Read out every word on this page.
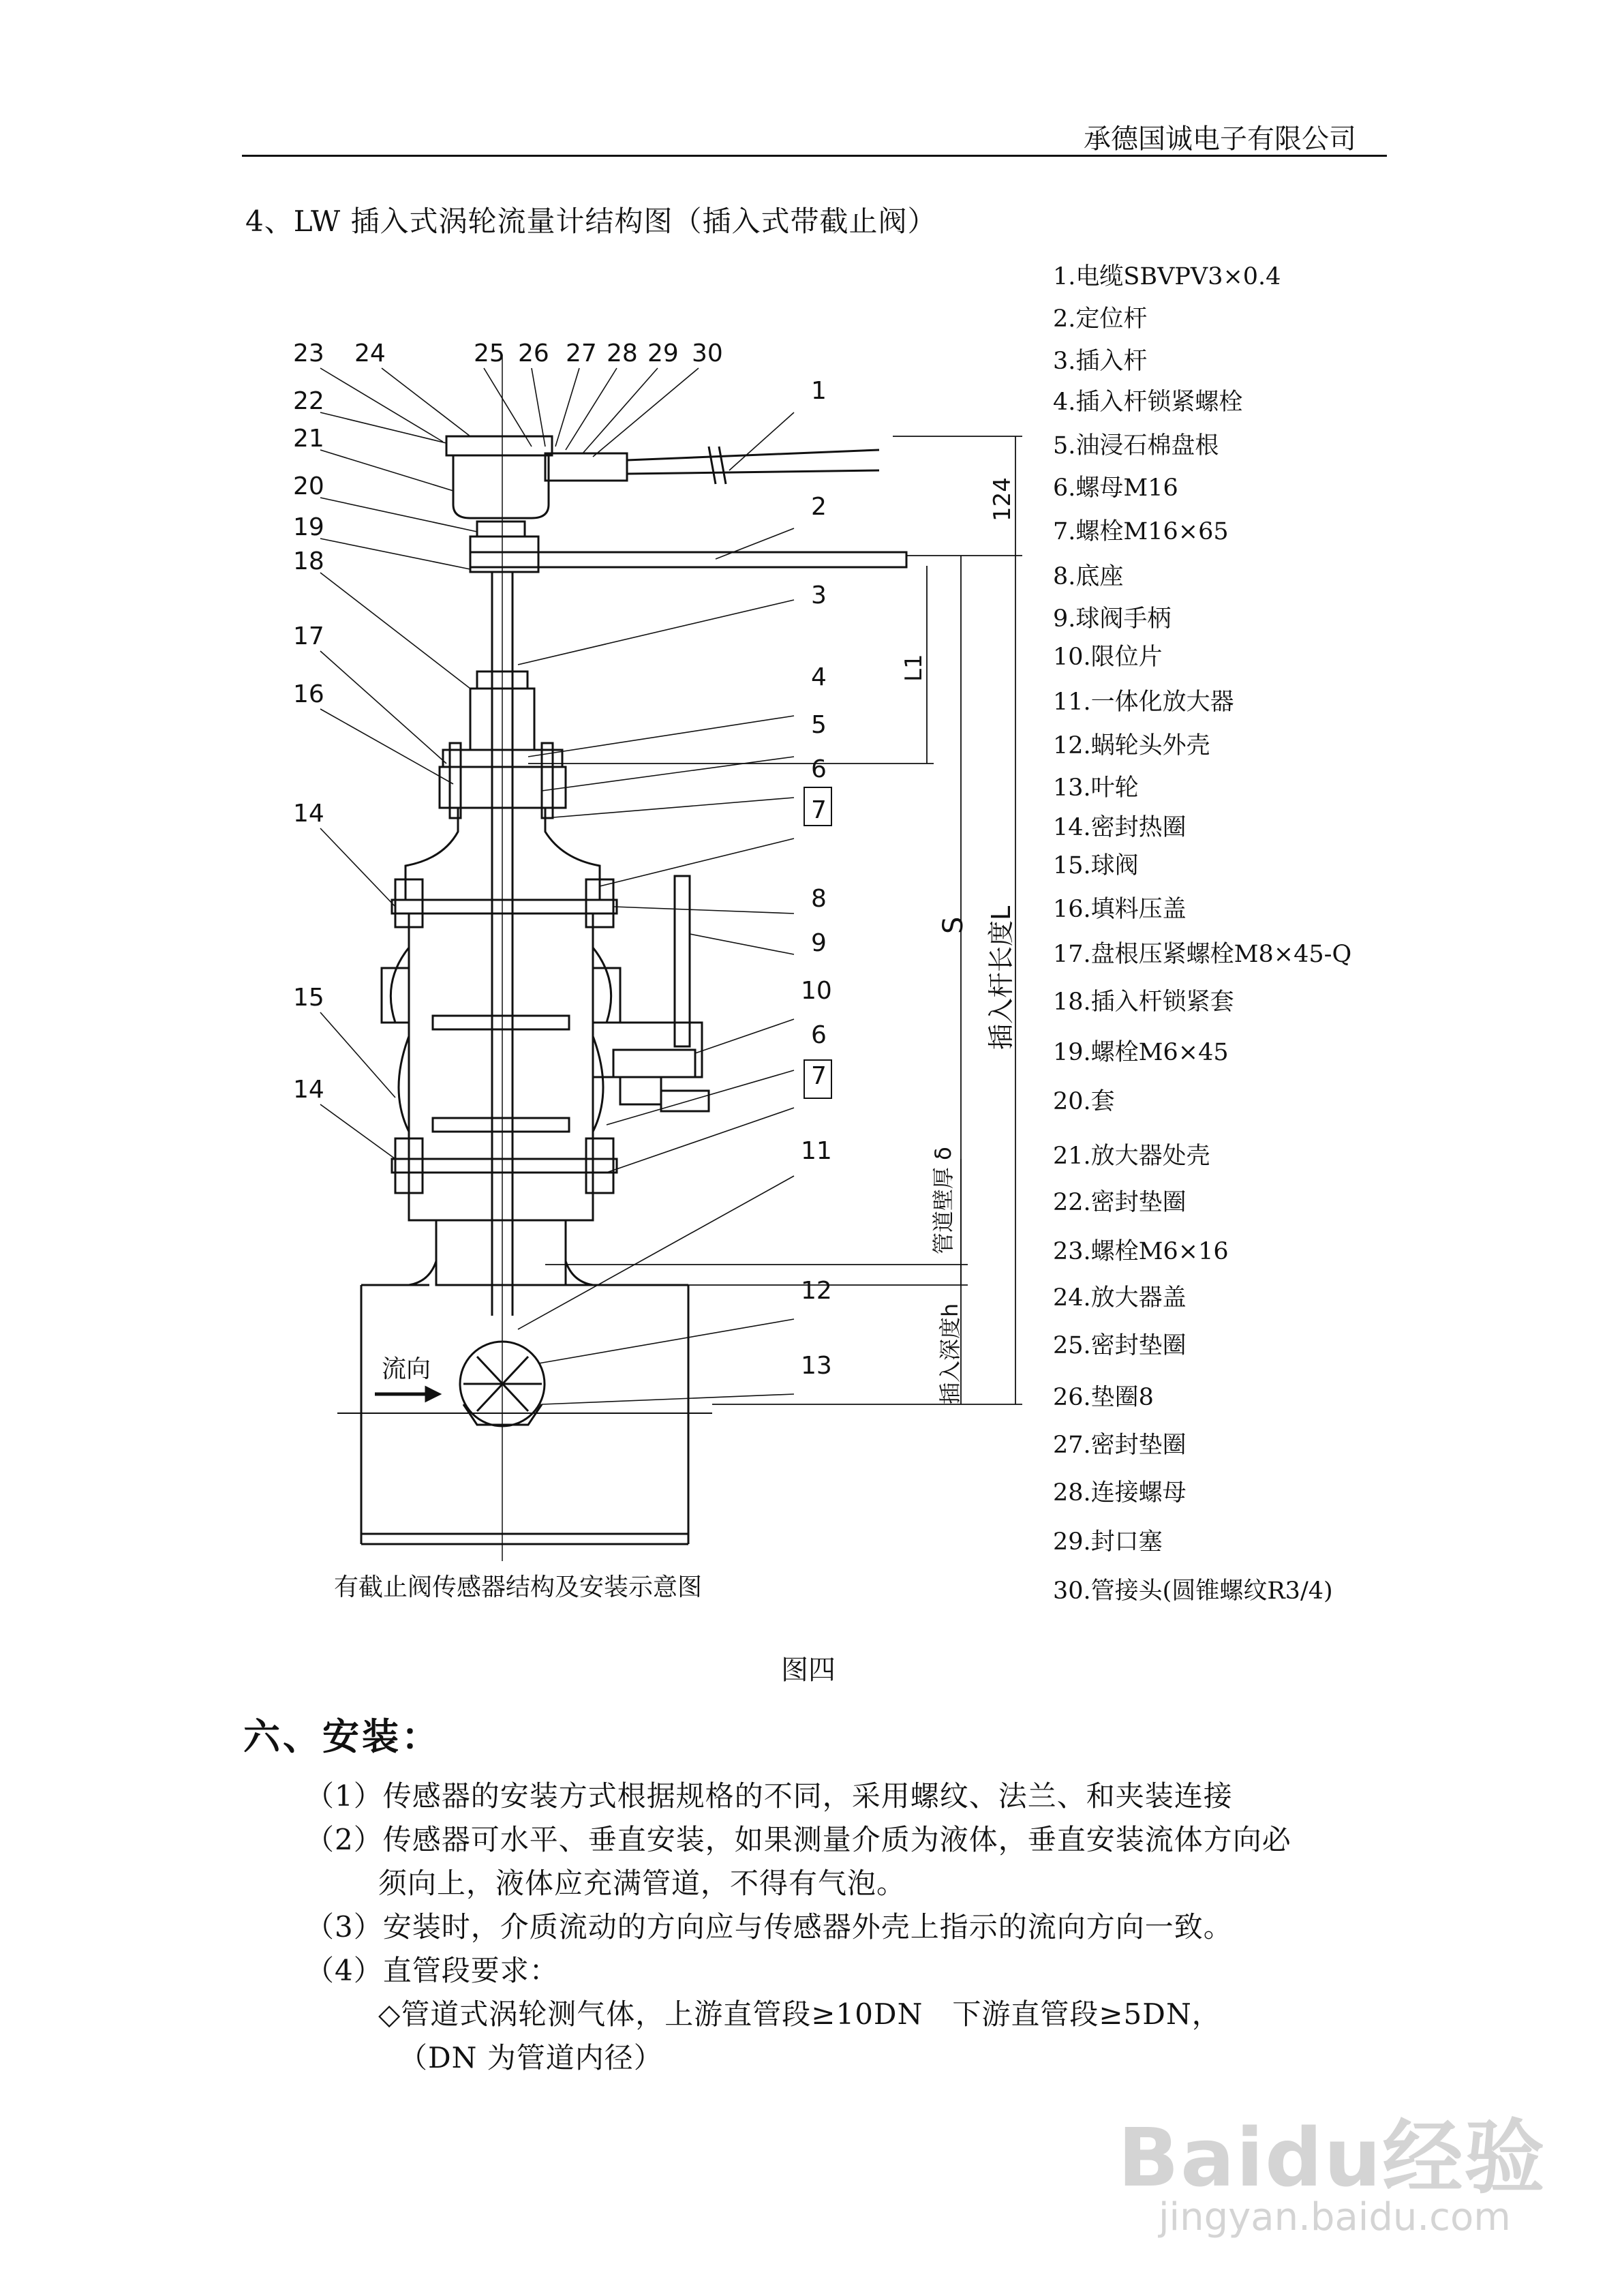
承德国诚电子有限公司
4、LW 插入式涡轮流量计结构图（插入式带截止阀）
23 24	25 26 27 28 29 30
22
21
20
19
18
17
16
14
15
14
1
2
3
4
5
6
7
8
9
10
6
7
11
12
13
124
L1
S 插入杆长度L
管道壁厚 δ
插入深度h
流向
有截止阀传感器结构及安装示意图
1.电缆SBVPV3×0.4
2.定位杆
3.插入杆
4.插入杆锁紧螺栓
5.油浸石棉盘根
6.螺母M16
7.螺栓M16×65
8.底座
9.球阀手柄
10.限位片
11.一体化放大器
12.蜗轮头外壳
13.叶轮
14.密封热圈
15.球阀
16.填料压盖
17.盘根压紧螺栓M8×45-Q
18.插入杆锁紧套
19.螺栓M6×45
20.套
21.放大器处壳
22.密封垫圈
23.螺栓M6×16
24.放大器盖
25.密封垫圈
26.垫圈8
27.密封垫圈
28.连接螺母
29.封口塞
30.管接头(圆锥螺纹R3/4)
图四
六、安装：
（1）传感器的安装方式根据规格的不同，采用螺纹、法兰、和夹装连接
（2）传感器可水平、垂直安装，如果测量介质为液体，垂直安装流体方向必
须向上，液体应充满管道，不得有气泡。
（3）安装时，介质流动的方向应与传感器外壳上指示的流向方向一致。
（4）直管段要求：
◇管道式涡轮测气体，上游直管段≥10DN　下游直管段≥5DN，
（DN 为管道内径）
Baidu经验
jingyan.baidu.com
